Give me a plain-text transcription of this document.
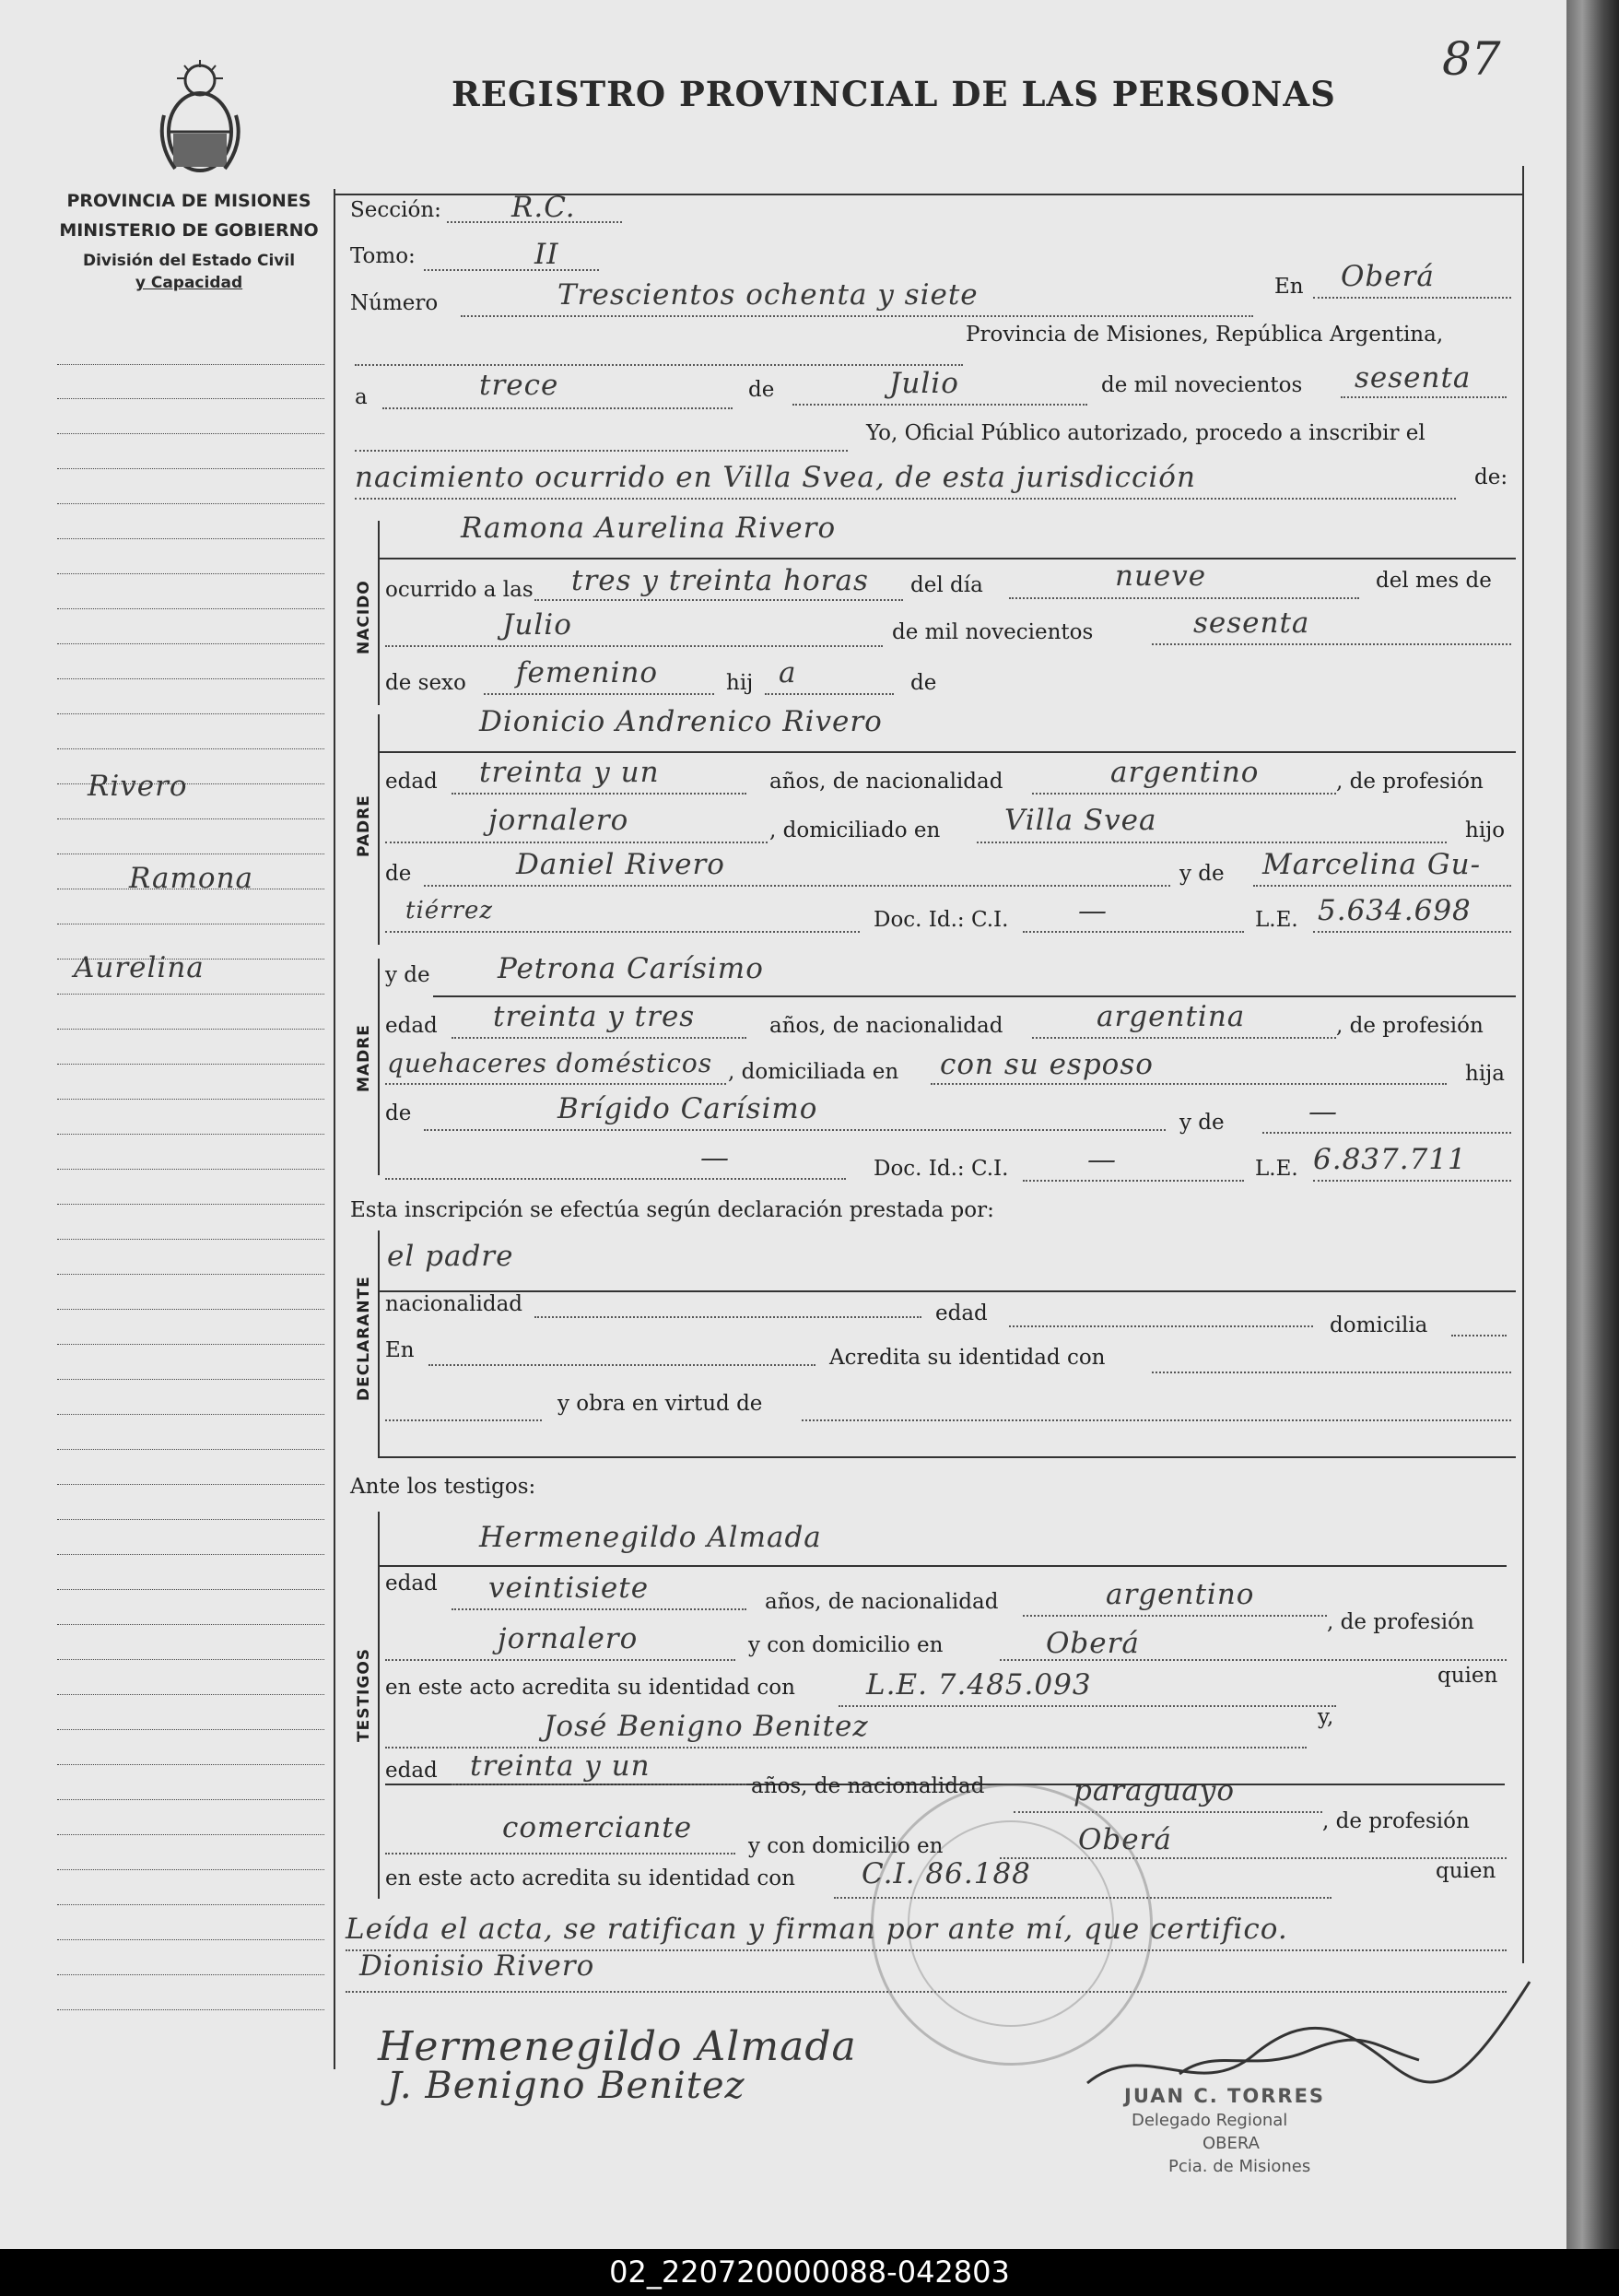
87
REGISTRO PROVINCIAL DE LAS PERSONAS
PROVINCIA DE MISIONES
MINISTERIO DE GOBIERNO
División del Estado Civil
y Capacidad
Rivero
Ramona
Aurelina
Sección: R.C.
Tomo:	II
Número	Trescientos ochenta y siete	En Oberá
Provincia de Misiones, República Argentina,
a	trece	de	Julio	de mil novecientos sesenta
Yo, Oficial Público autorizado, procedo a inscribir el
nacimiento ocurrido en Villa Svea, de esta jurisdicción	de:
NACIDO
Ramona Aurelina Rivero
ocurrido a las tres y treinta horas del día	nueve	del mes de
Julio	de mil novecientos	sesenta
de sexo femenino	hij a	de
PADRE
Dionicio Andrenico Rivero
edad treinta y un	años, de nacionalidad	argentino	, de profesión
jornalero	, domiciliado en Villa Svea	hijo
de	Daniel Rivero	y de Marcelina Gu-
tiérrez	Doc. Id.: C.I. —	L.E. 5.634.698
MADRE
y de Petrona Carísimo
edad treinta y tres	años, de nacionalidad	argentina	, de profesión
quehaceres domésticos , domiciliada en con su esposo	hija
de	Brígido Carísimo	y de	—
—	Doc. Id.: C.I.	—	L.E. 6.837.711
Esta inscripción se efectúa según declaración prestada por:
DECLARANTE
el padre
nacionalidad	edad	domicilia
En	Acredita su identidad con
y obra en virtud de
Ante los testigos:
TESTIGOS
Hermenegildo Almada
edad veintisiete	años, de nacionalidad	argentino
, de profesión
jornalero	y con domicilio en	Oberá
en este acto acredita su identidad con L.E. 7.485.093	quien
José Benigno Benitez	y,
edad treinta y un
años, de nacionalidad	paraguayo
, de profesión
comerciante
y con domicilio en	Oberá
en este acto acredita su identidad con C.I. 86.188	quien
Leída el acta, se ratifican y firman por ante mí, que certifico.
Dionisio Rivero
Hermenegildo Almada
J. Benigno Benitez	JUAN C. TORRES
Delegado Regional
OBERA
Pcia. de Misiones
02_220720000088-042803
